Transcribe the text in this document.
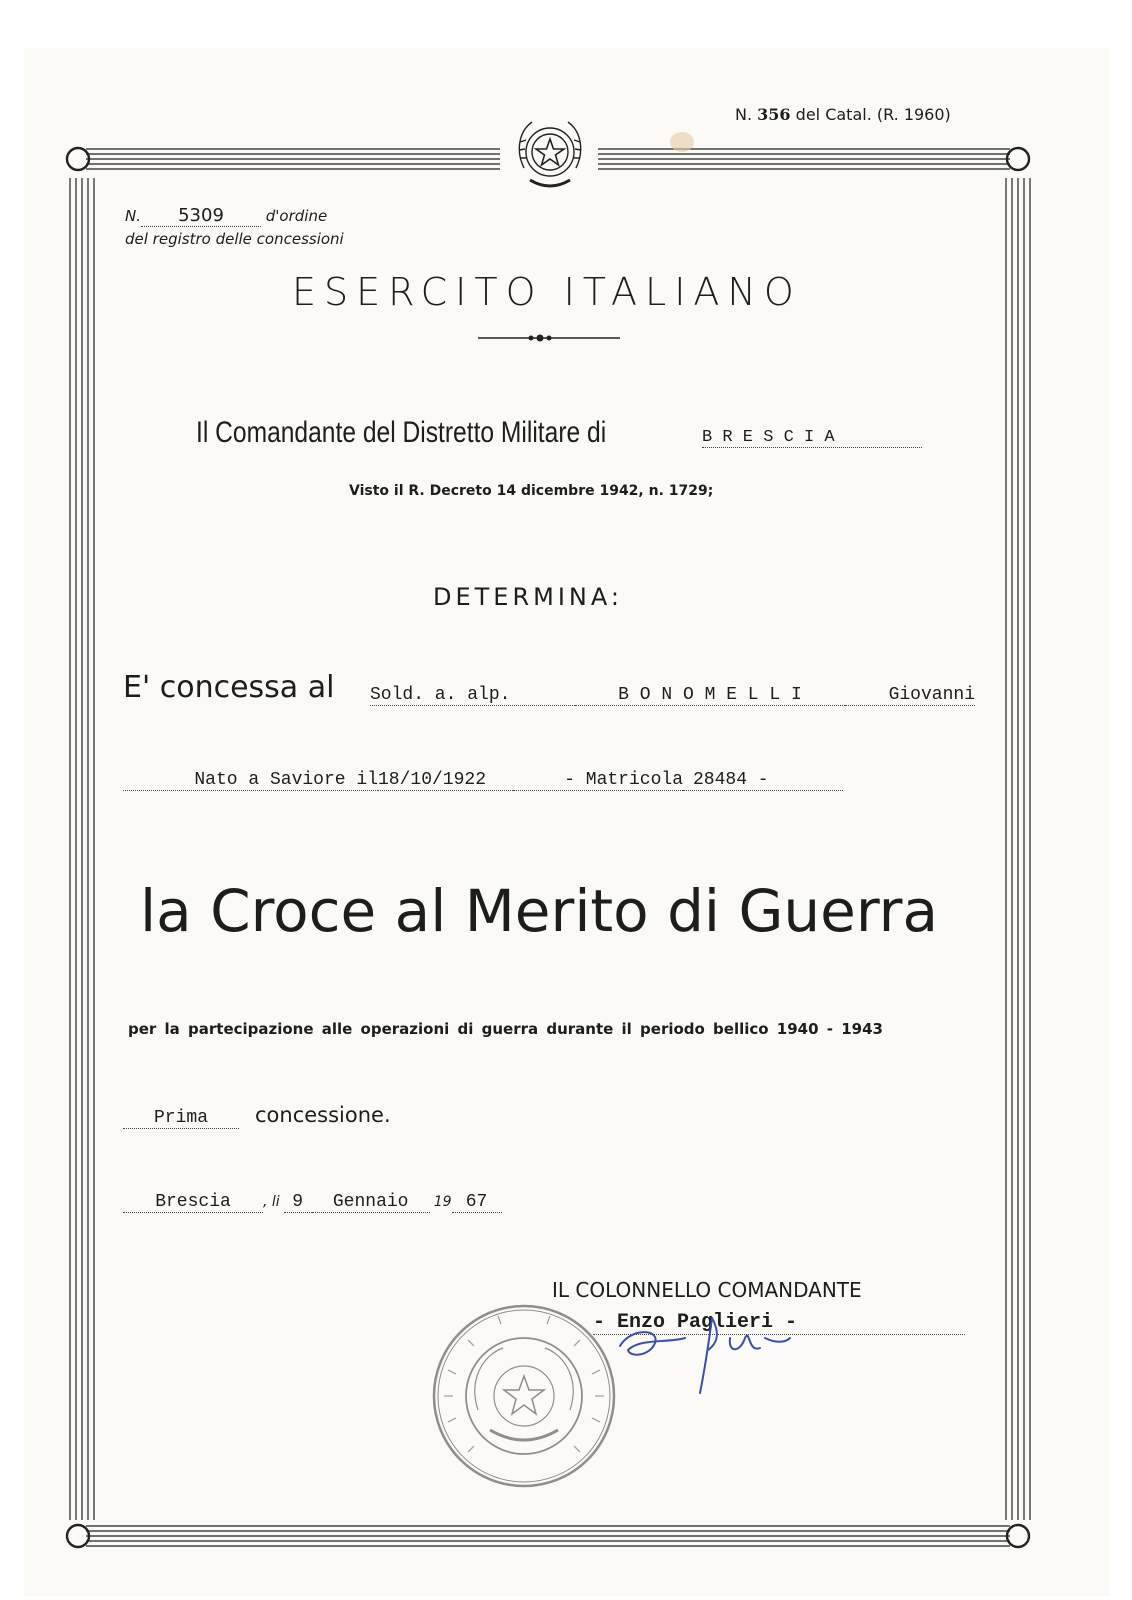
N. 356 del Catal. (R. 1960)
N. 5309	d'ordine
del registro delle concessioni
ESERCITO ITALIANO
Il Comandante del Distretto Militare di	B R E S C I A
Visto il R. Decreto 14 dicembre 1942, n. 1729;
DETERMINA:
E' concessa al Sold. a. alp.	B O N O M E L L I	Giovanni
Nato a Saviore il18/10/1922	- Matricola 28484 -
la Croce al Merito di Guerra
per la partecipazione alle operazioni di guerra durante il periodo bellico 1940 - 1943
Prima concessione.
Brescia , li 9 Gennaio 19 67
IL COLONNELLO COMANDANTE
- Enzo Paglieri -
